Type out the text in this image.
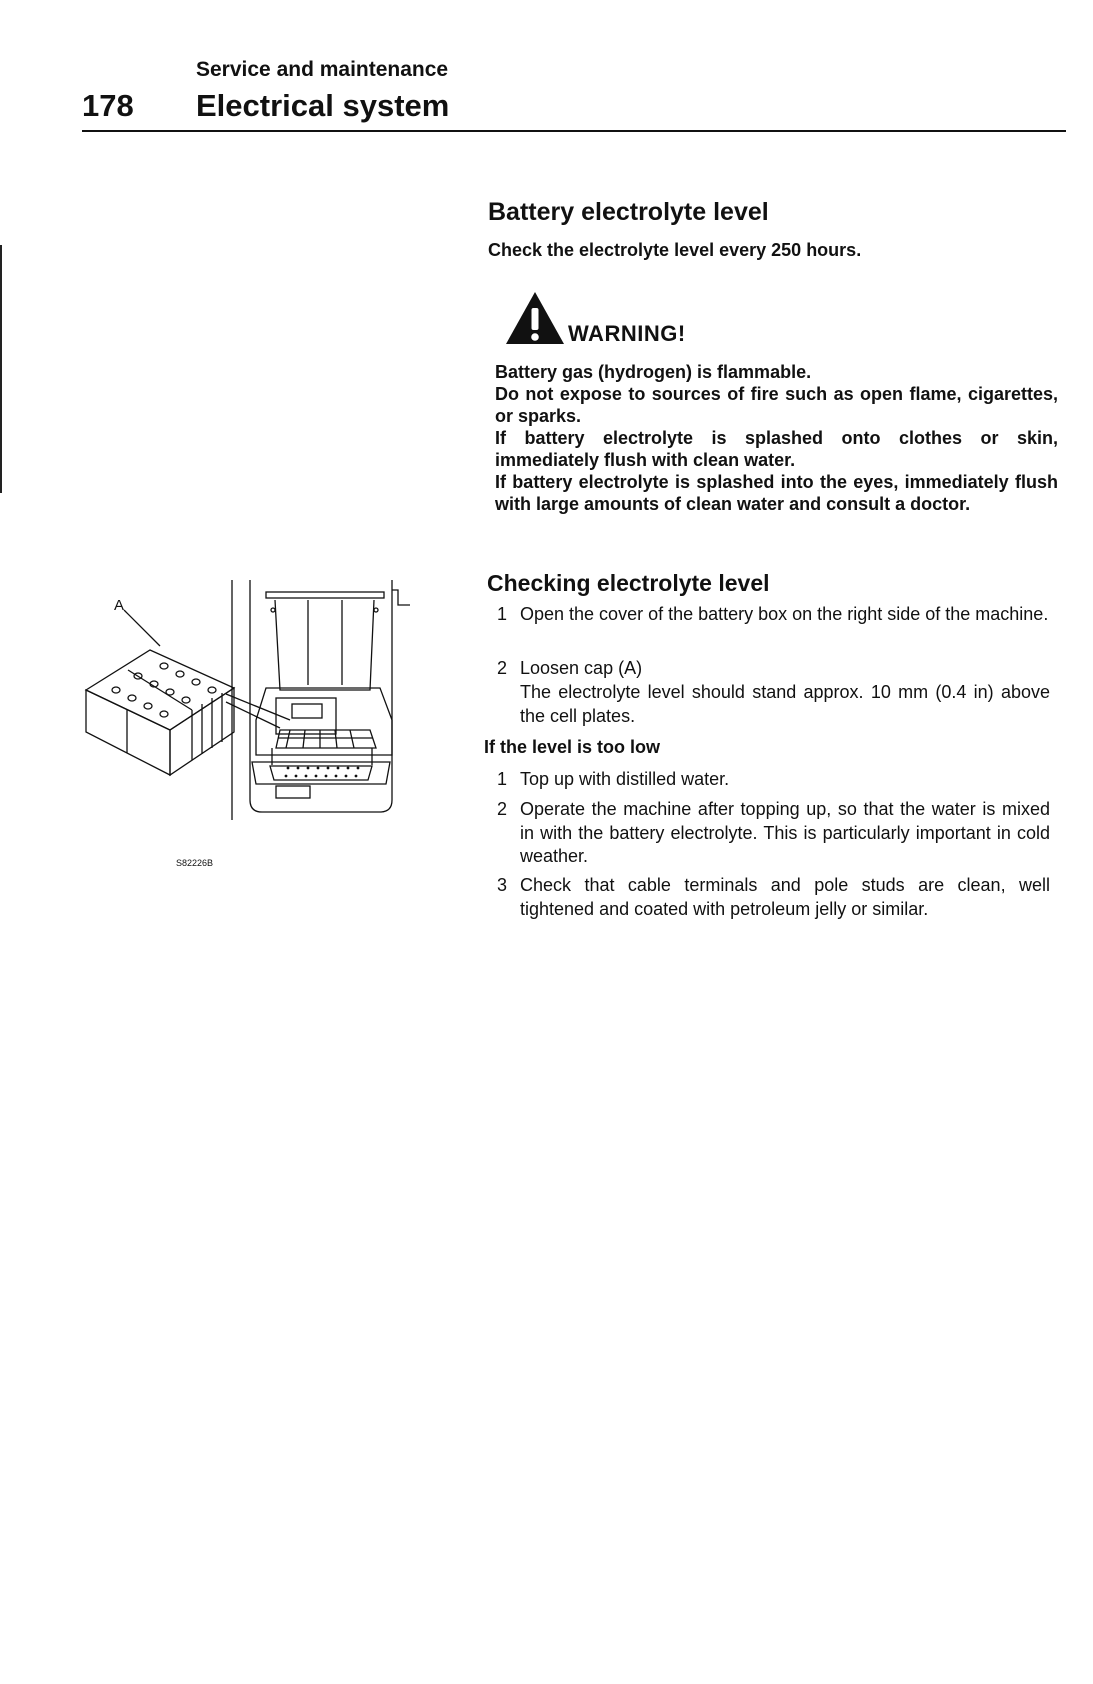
Service and maintenance
178 Electrical system
Battery electrolyte level
Check the electrolyte level every 250 hours.
WARNING!

Battery gas (hydrogen) is flammable.

Do not expose to sources of fire such as open flame, cigarettes, or sparks.

If battery electrolyte is splashed onto clothes or skin, immediately flush with clean water.

If battery electrolyte is splashed into the eyes, immediately flush with large amounts of clean water and consult a doctor.

Checking electrolyte level
1 Open the cover of the battery box on the right side of the machine.
2 Loosen cap (A)
The electrolyte level should stand approx. 10 mm (0.4 in) above the cell plates.
If the level is too low
1 Top up with distilled water.
2 Operate the machine after topping up, so that the water is mixed in with the battery electrolyte. This is particularly important in cold weather.
3 Check that cable terminals and pole studs are clean, well tightened and coated with petroleum jelly or similar.
A
S82226B
